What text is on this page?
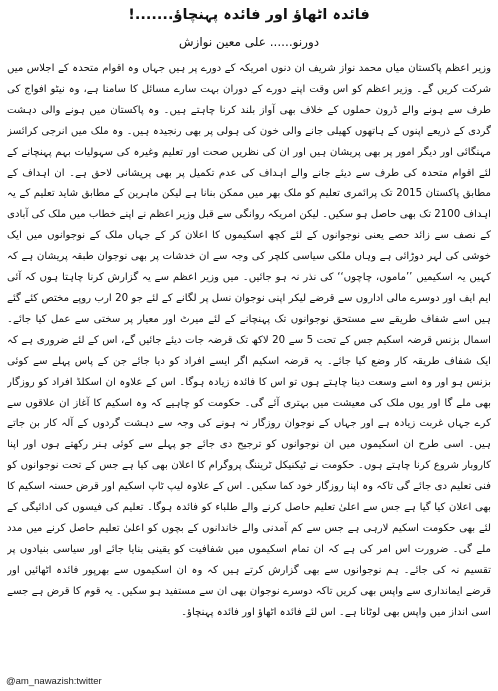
فائدہ اٹھاؤ اور فائدہ پہنچاؤ.......!
دورنو...... علی معین نوازش

وزیر اعظم پاکستان میاں محمد نواز شریف ان دنوں امریکہ کے دورے پر ہیں جہاں وہ اقوام متحدہ کے اجلاس میں شرکت کریں گے۔ وزیر اعظم کو اس وقت اپنے دورے کے دوران بہت سارے مسائل کا سامنا ہے، وہ نیٹو افواج کی طرف سے ہونے والے ڈرون حملوں کے خلاف بھی آواز بلند کرنا چاہتے ہیں۔ وہ پاکستان میں ہونے والی دہشت گردی کے ذریعے اپنوں کے ہاتھوں کھیلی جانے والی خون کی ہولی پر بھی رنجیدہ ہیں۔ وہ ملک میں انرجی کرائسز مہنگائی اور دیگر امور پر بھی پریشان ہیں اور ان کی نظریں صحت اور تعلیم وغیرہ کی سہولیات بہم پہنچانے کے لئے اقوام متحدہ کی طرف سے دیئے جانے والے اہداف کی عدم تکمیل پر بھی پریشانی لاحق ہے۔ ان اہداف کے مطابق پاکستان 2015 تک پرائمری تعلیم کو ملک بھر میں ممکن بنانا ہے لیکن ماہرین کے مطابق شاید تعلیم کے یہ اہداف 2100 تک بھی حاصل ہو سکیں۔ لیکن امریکہ روانگی سے قبل وزیر اعظم نے اپنے خطاب میں ملک کی آبادی کے نصف سے زائد حصے یعنی نوجوانوں کے لئے کچھ اسکیموں کا اعلان کر کے جہاں ملک کے نوجوانوں میں ایک خوشی کی لہر دوڑائی ہے وہاں ملکی سیاسی کلچر کی وجہ سے ان خدشات پر بھی نوجوان طبقہ پریشان ہے کہ کہیں یہ اسکیمیں ’’ماموں، چاچوں‘‘ کی نذر نہ ہو جائیں۔ میں وزیر اعظم سے یہ گزارش کرنا چاہتا ہوں کہ آئی ایم ایف اور دوسرے مالی اداروں سے قرضے لیکر اپنی نوجوان نسل پر لگانے کے لئے جو 20 ارب روپے مختص کئے گئے ہیں اسے شفاف طریقے سے مستحق نوجوانوں تک پہنچانے کے لئے میرٹ اور معیار پر سختی سے عمل کیا جائے۔ اسمال بزنس قرضہ اسکیم جس کے تحت 5 سے 20 لاکھ تک قرضہ جات دیئے جائیں گے، اس کے لئے ضروری ہے کہ ایک شفاف طریقہ کار وضع کیا جائے۔ یہ قرضہ اسکیم اگر ایسے افراد کو دیا جائے جن کے پاس پہلے سے کوئی بزنس ہو اور وہ اسے وسعت دینا چاہتے ہوں تو اس کا فائدہ زیادہ ہوگا۔ اس کے علاوہ ان اسکلڈ افراد کو روزگار بھی ملے گا اور یوں ملک کی معیشت میں بہتری آئے گی۔ حکومت کو چاہیے کہ وہ اسکیم کا آغاز ان علاقوں سے کرے جہاں غربت زیادہ ہے اور جہاں کے نوجوان روزگار نہ ہونے کی وجہ سے دہشت گردوں کے آلہ کار بن جاتے ہیں۔ اسی طرح ان اسکیموں میں ان نوجوانوں کو ترجیح دی جائے جو پہلے سے کوئی ہنر رکھتے ہوں اور اپنا کاروبار شروع کرنا چاہتے ہوں۔ حکومت نے ٹیکنیکل ٹریننگ پروگرام کا اعلان بھی کیا ہے جس کے تحت نوجوانوں کو فنی تعلیم دی جائے گی تاکہ وہ اپنا روزگار خود کما سکیں۔ اس کے علاوہ لیپ ٹاپ اسکیم اور قرض حسنہ اسکیم کا بھی اعلان کیا گیا ہے جس سے اعلیٰ تعلیم حاصل کرنے والے طلباء کو فائدہ ہوگا۔ تعلیم کی فیسوں کی ادائیگی کے لئے بھی حکومت اسکیم لارہی ہے جس سے کم آمدنی والے خاندانوں کے بچوں کو اعلیٰ تعلیم حاصل کرنے میں مدد ملے گی۔ ضرورت اس امر کی ہے کہ ان تمام اسکیموں میں شفافیت کو یقینی بنایا جائے اور سیاسی بنیادوں پر تقسیم نہ کی جائے۔ ہم نوجوانوں سے بھی گزارش کرتے ہیں کہ وہ ان اسکیموں سے بھرپور فائدہ اٹھائیں اور قرضے ایمانداری سے واپس بھی کریں تاکہ دوسرے نوجوان بھی ان سے مستفید ہو سکیں۔ یہ قوم کا قرض ہے جسے اسی انداز میں واپس بھی لوٹانا ہے۔ اس لئے فائدہ اٹھاؤ اور فائدہ پہنچاؤ۔

@am_nawazish:twitter
